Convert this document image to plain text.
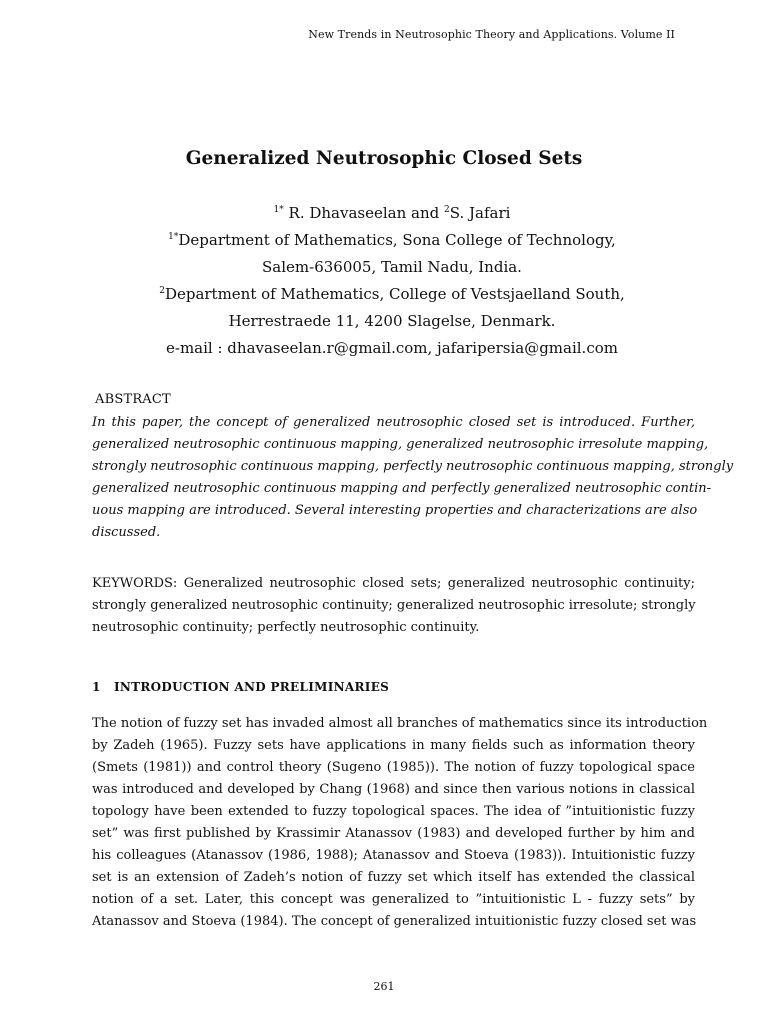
New Trends in Neutrosophic Theory and Applications. Volume II
Generalized Neutrosophic Closed Sets
$^{1*}$ R. Dhavaseelan and $^2$S. Jafari
$^{1*}$Department of Mathematics, Sona College of Technology,
Salem-636005, Tamil Nadu, India.
$^2$Department of Mathematics, College of Vestsjaelland South,
Herrestraede 11, 4200 Slagelse, Denmark.
e-mail : dhavaseelan.r@gmail.com, jafaripersia@gmail.com
ABSTRACT
In this paper, the concept of generalized neutrosophic closed set is introduced. Further,
generalized neutrosophic continuous mapping, generalized neutrosophic irresolute mapping,
strongly neutrosophic continuous mapping, perfectly neutrosophic continuous mapping, strongly
generalized neutrosophic continuous mapping and perfectly generalized neutrosophic contin-
uous mapping are introduced. Several interesting properties and characterizations are also
discussed.
KEYWORDS: Generalized neutrosophic closed sets; generalized neutrosophic continuity;
strongly generalized neutrosophic continuity; generalized neutrosophic irresolute; strongly
neutrosophic continuity; perfectly neutrosophic continuity.
1 INTRODUCTION AND PRELIMINARIES
The notion of fuzzy set has invaded almost all branches of mathematics since its introduction
by Zadeh (1965). Fuzzy sets have applications in many fields such as information theory
(Smets (1981)) and control theory (Sugeno (1985)). The notion of fuzzy topological space
was introduced and developed by Chang (1968) and since then various notions in classical
topology have been extended to fuzzy topological spaces. The idea of ”intuitionistic fuzzy
set” was first published by Krassimir Atanassov (1983) and developed further by him and
his colleagues (Atanassov (1986, 1988); Atanassov and Stoeva (1983)). Intuitionistic fuzzy
set is an extension of Zadeh’s notion of fuzzy set which itself has extended the classical
notion of a set. Later, this concept was generalized to ”intuitionistic L - fuzzy sets” by
Atanassov and Stoeva (1984). The concept of generalized intuitionistic fuzzy closed set was
261
